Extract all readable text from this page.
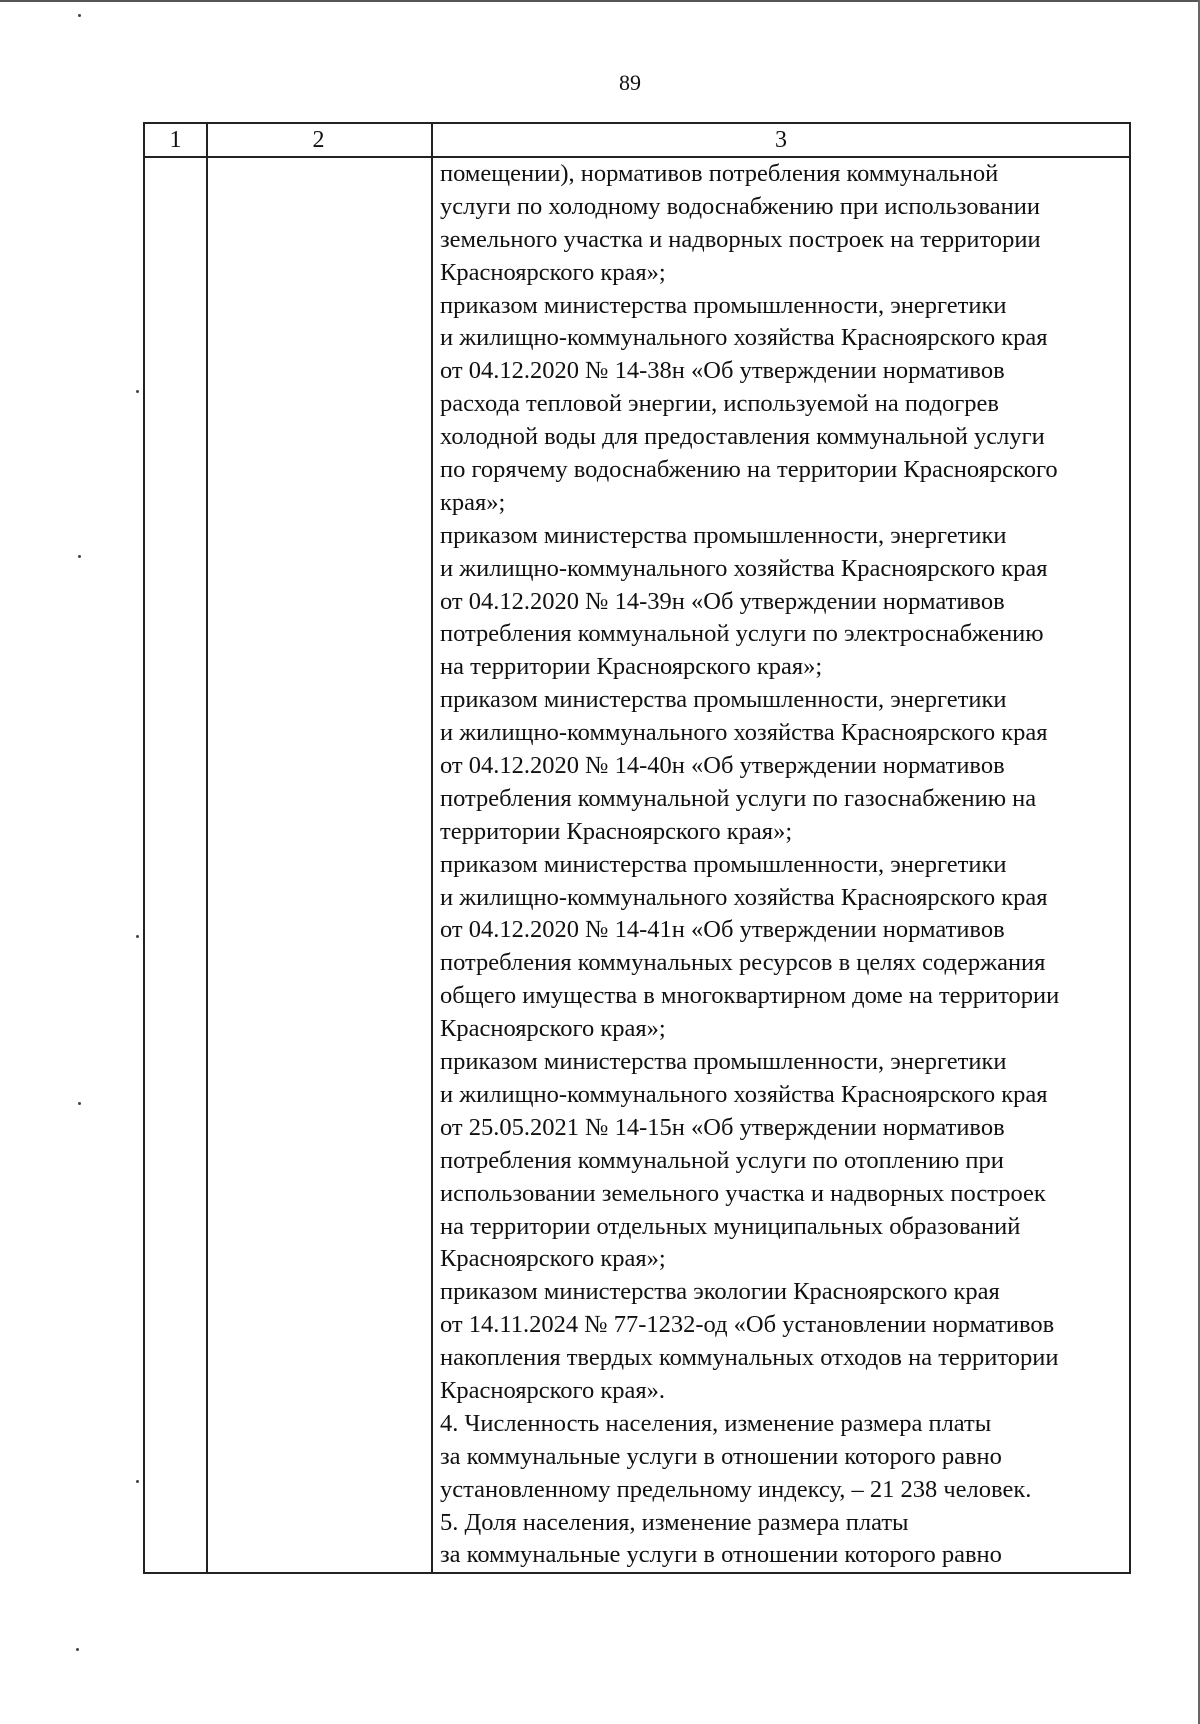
89
1	2	3
помещении), нормативов потребления коммунальной
услуги по холодному водоснабжению при использовании
земельного участка и надворных построек на территории
Красноярского края»;
приказом министерства промышленности, энергетики
и жилищно-коммунального хозяйства Красноярского края
от 04.12.2020 № 14-38н «Об утверждении нормативов
расхода тепловой энергии, используемой на подогрев
холодной воды для предоставления коммунальной услуги
по горячему водоснабжению на территории Красноярского
края»;
приказом министерства промышленности, энергетики
и жилищно-коммунального хозяйства Красноярского края
от 04.12.2020 № 14-39н «Об утверждении нормативов
потребления коммунальной услуги по электроснабжению
на территории Красноярского края»;
приказом министерства промышленности, энергетики
и жилищно-коммунального хозяйства Красноярского края
от 04.12.2020 № 14-40н «Об утверждении нормативов
потребления коммунальной услуги по газоснабжению на
территории Красноярского края»;
приказом министерства промышленности, энергетики
и жилищно-коммунального хозяйства Красноярского края
от 04.12.2020 № 14-41н «Об утверждении нормативов
потребления коммунальных ресурсов в целях содержания
общего имущества в многоквартирном доме на территории
Красноярского края»;
приказом министерства промышленности, энергетики
и жилищно-коммунального хозяйства Красноярского края
от 25.05.2021 № 14-15н «Об утверждении нормативов
потребления коммунальной услуги по отоплению при
использовании земельного участка и надворных построек
на территории отдельных муниципальных образований
Красноярского края»;
приказом министерства экологии Красноярского края
от 14.11.2024 № 77-1232-од «Об установлении нормативов
накопления твердых коммунальных отходов на территории
Красноярского края».
4. Численность населения, изменение размера платы
за коммунальные услуги в отношении которого равно
установленному предельному индексу, – 21 238 человек.
5. Доля населения, изменение размера платы
за коммунальные услуги в отношении которого равно
